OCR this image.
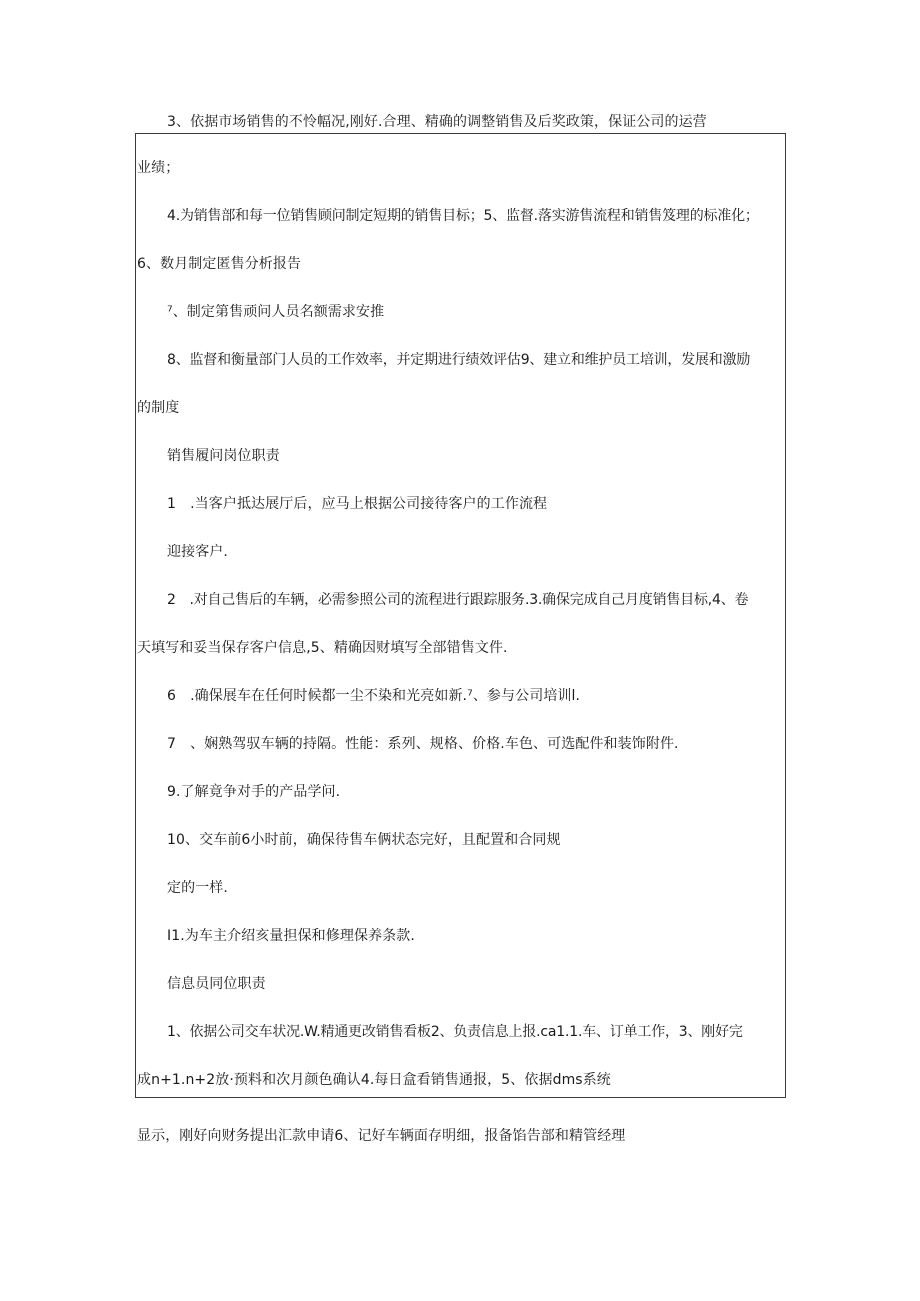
3、依据市场销售的不怜幅况,刚好.合理、精确的调整销售及后奖政策，保证公司的运营
业绩；
4.为销售部和每一位销售顾问制定短期的销售目标；5、监督.落实游售流程和销售笈理的标准化；
6、数月制定匿售分析报告
⁷、制定第售顽问人员名额需求安推
8、监督和衡量部门人员的工作效率，并定期进行绩效评估9、建立和维护员工培训，发展和激励
的制度
销售履问岗位职责
1　.当客户抵达展厅后，应马上根据公司接待客户的工作流程
迎接客户.
2　.对自己售后的车辆，必需参照公司的流程进行跟踪服务.3.确保完成自己月度销售目标,4、卷
天填写和妥当保存客户信息,5、精确因财填写全部错售文件.
6　.确保展车在任何时候都一尘不染和光亮如新.⁷、参与公司培训l.
7　、娴熟驾驭车辆的持隔。性能：系列、规格、价格.车色、可选配件和装饰附件.
9.了解竟争对手的产品学问.
10、交车前6小时前，确保待售车俩状态完好，且配置和合同规
定的一样.
I1.为车主介绍亥量担保和修理保养条款.
信息员同位职责
1、依据公司交车状况.W.精通更改销售看板2、负责信息上报.ca1.1.车、订单工作，3、刚好完
成n+1.n+2放·预料和次月颜色确认4.每日盒看销售通报，5、依据dms系统
显示，刚好向财务提出汇款申请6、记好车辆面存明细，报备馅告部和精管经理
